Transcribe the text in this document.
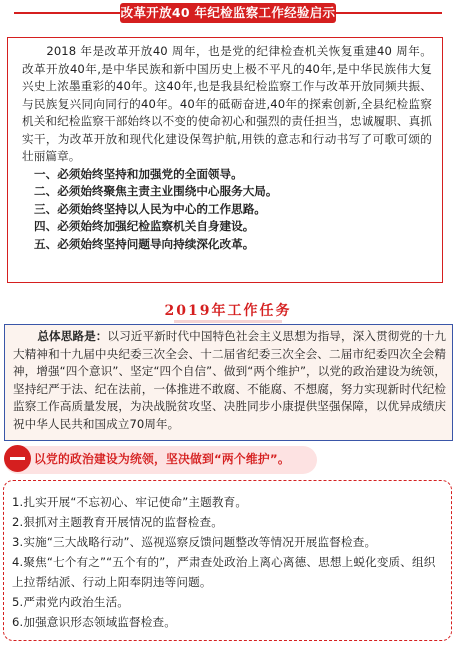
改革开放40 年纪检监察工作经验启示

2018 年是改革开放40 周年，也是党的纪律检查机关恢复重建40 周年。改革开放40年,是中华民族和新中国历史上极不平凡的40年,是中华民族伟大复兴史上浓墨重彩的40年。这40年,也是我县纪检监察工作与改革开放同频共振、与民族复兴同向同行的40年。40年的砥砺奋进,40年的探索创新,全县纪检监察机关和纪检监察干部始终以不变的使命初心和强烈的责任担当，忠诚履职、真抓实干，为改革开放和现代化建设保驾护航,用铁的意志和行动书写了可歌可颂的壮丽篇章。

一、必须始终坚持和加强党的全面领导。

二、必须始终聚焦主责主业围绕中心服务大局。

三、必须始终坚持以人民为中心的工作思路。

四、必须始终加强纪检监察机关自身建设。

五、必须始终坚持问题导向持续深化改革。

2019年工作任务

总体思路是：以习近平新时代中国特色社会主义思想为指导，深入贯彻党的十九大精神和十九届中央纪委三次全会、十二届省纪委三次全会、二届市纪委四次全会精神，增强“四个意识”、坚定“四个自信”、做到“两个维护”，以党的政治建设为统领，坚持纪严于法、纪在法前，一体推进不敢腐、不能腐、不想腐，努力实现新时代纪检监察工作高质量发展，为决战脱贫攻坚、决胜同步小康提供坚强保障，以优异成绩庆祝中华人民共和国成立70周年。

以党的政治建设为统领，坚决做到“两个维护”。

1.扎实开展“不忘初心、牢记使命”主题教育。

2.狠抓对主题教育开展情况的监督检查。

3.实施“三大战略行动”、巡视巡察反馈问题整改等情况开展监督检查。

4.聚焦“七个有之”“五个有的”，严肃查处政治上离心离德、思想上蜕化变质、组织上拉帮结派、行动上阳奉阴违等问题。

5.严肃党内政治生活。

6.加强意识形态领域监督检查。
